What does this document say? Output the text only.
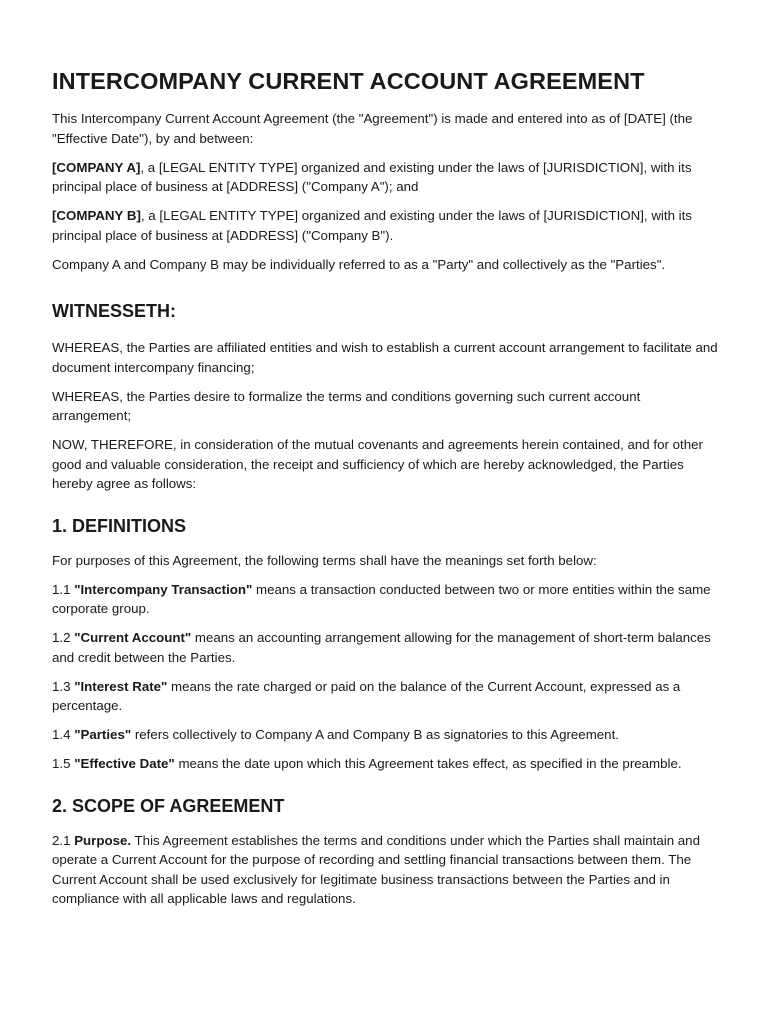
INTERCOMPANY CURRENT ACCOUNT AGREEMENT

This Intercompany Current Account Agreement (the "Agreement") is made and entered into as of [DATE] (the "Effective Date"), by and between:

[COMPANY A], a [LEGAL ENTITY TYPE] organized and existing under the laws of [JURISDICTION], with its principal place of business at [ADDRESS] ("Company A"); and

[COMPANY B], a [LEGAL ENTITY TYPE] organized and existing under the laws of [JURISDICTION], with its principal place of business at [ADDRESS] ("Company B").

Company A and Company B may be individually referred to as a "Party" and collectively as the "Parties".

WITNESSETH:

WHEREAS, the Parties are affiliated entities and wish to establish a current account arrangement to facilitate and document intercompany financing;

WHEREAS, the Parties desire to formalize the terms and conditions governing such current account arrangement;

NOW, THEREFORE, in consideration of the mutual covenants and agreements herein contained, and for other good and valuable consideration, the receipt and sufficiency of which are hereby acknowledged, the Parties hereby agree as follows:

1. DEFINITIONS

For purposes of this Agreement, the following terms shall have the meanings set forth below:

1.1 "Intercompany Transaction" means a transaction conducted between two or more entities within the same corporate group.

1.2 "Current Account" means an accounting arrangement allowing for the management of short-term balances and credit between the Parties.

1.3 "Interest Rate" means the rate charged or paid on the balance of the Current Account, expressed as a percentage.

1.4 "Parties" refers collectively to Company A and Company B as signatories to this Agreement.

1.5 "Effective Date" means the date upon which this Agreement takes effect, as specified in the preamble.

2. SCOPE OF AGREEMENT

2.1 Purpose. This Agreement establishes the terms and conditions under which the Parties shall maintain and operate a Current Account for the purpose of recording and settling financial transactions between them. The Current Account shall be used exclusively for legitimate business transactions between the Parties and in compliance with all applicable laws and regulations.
